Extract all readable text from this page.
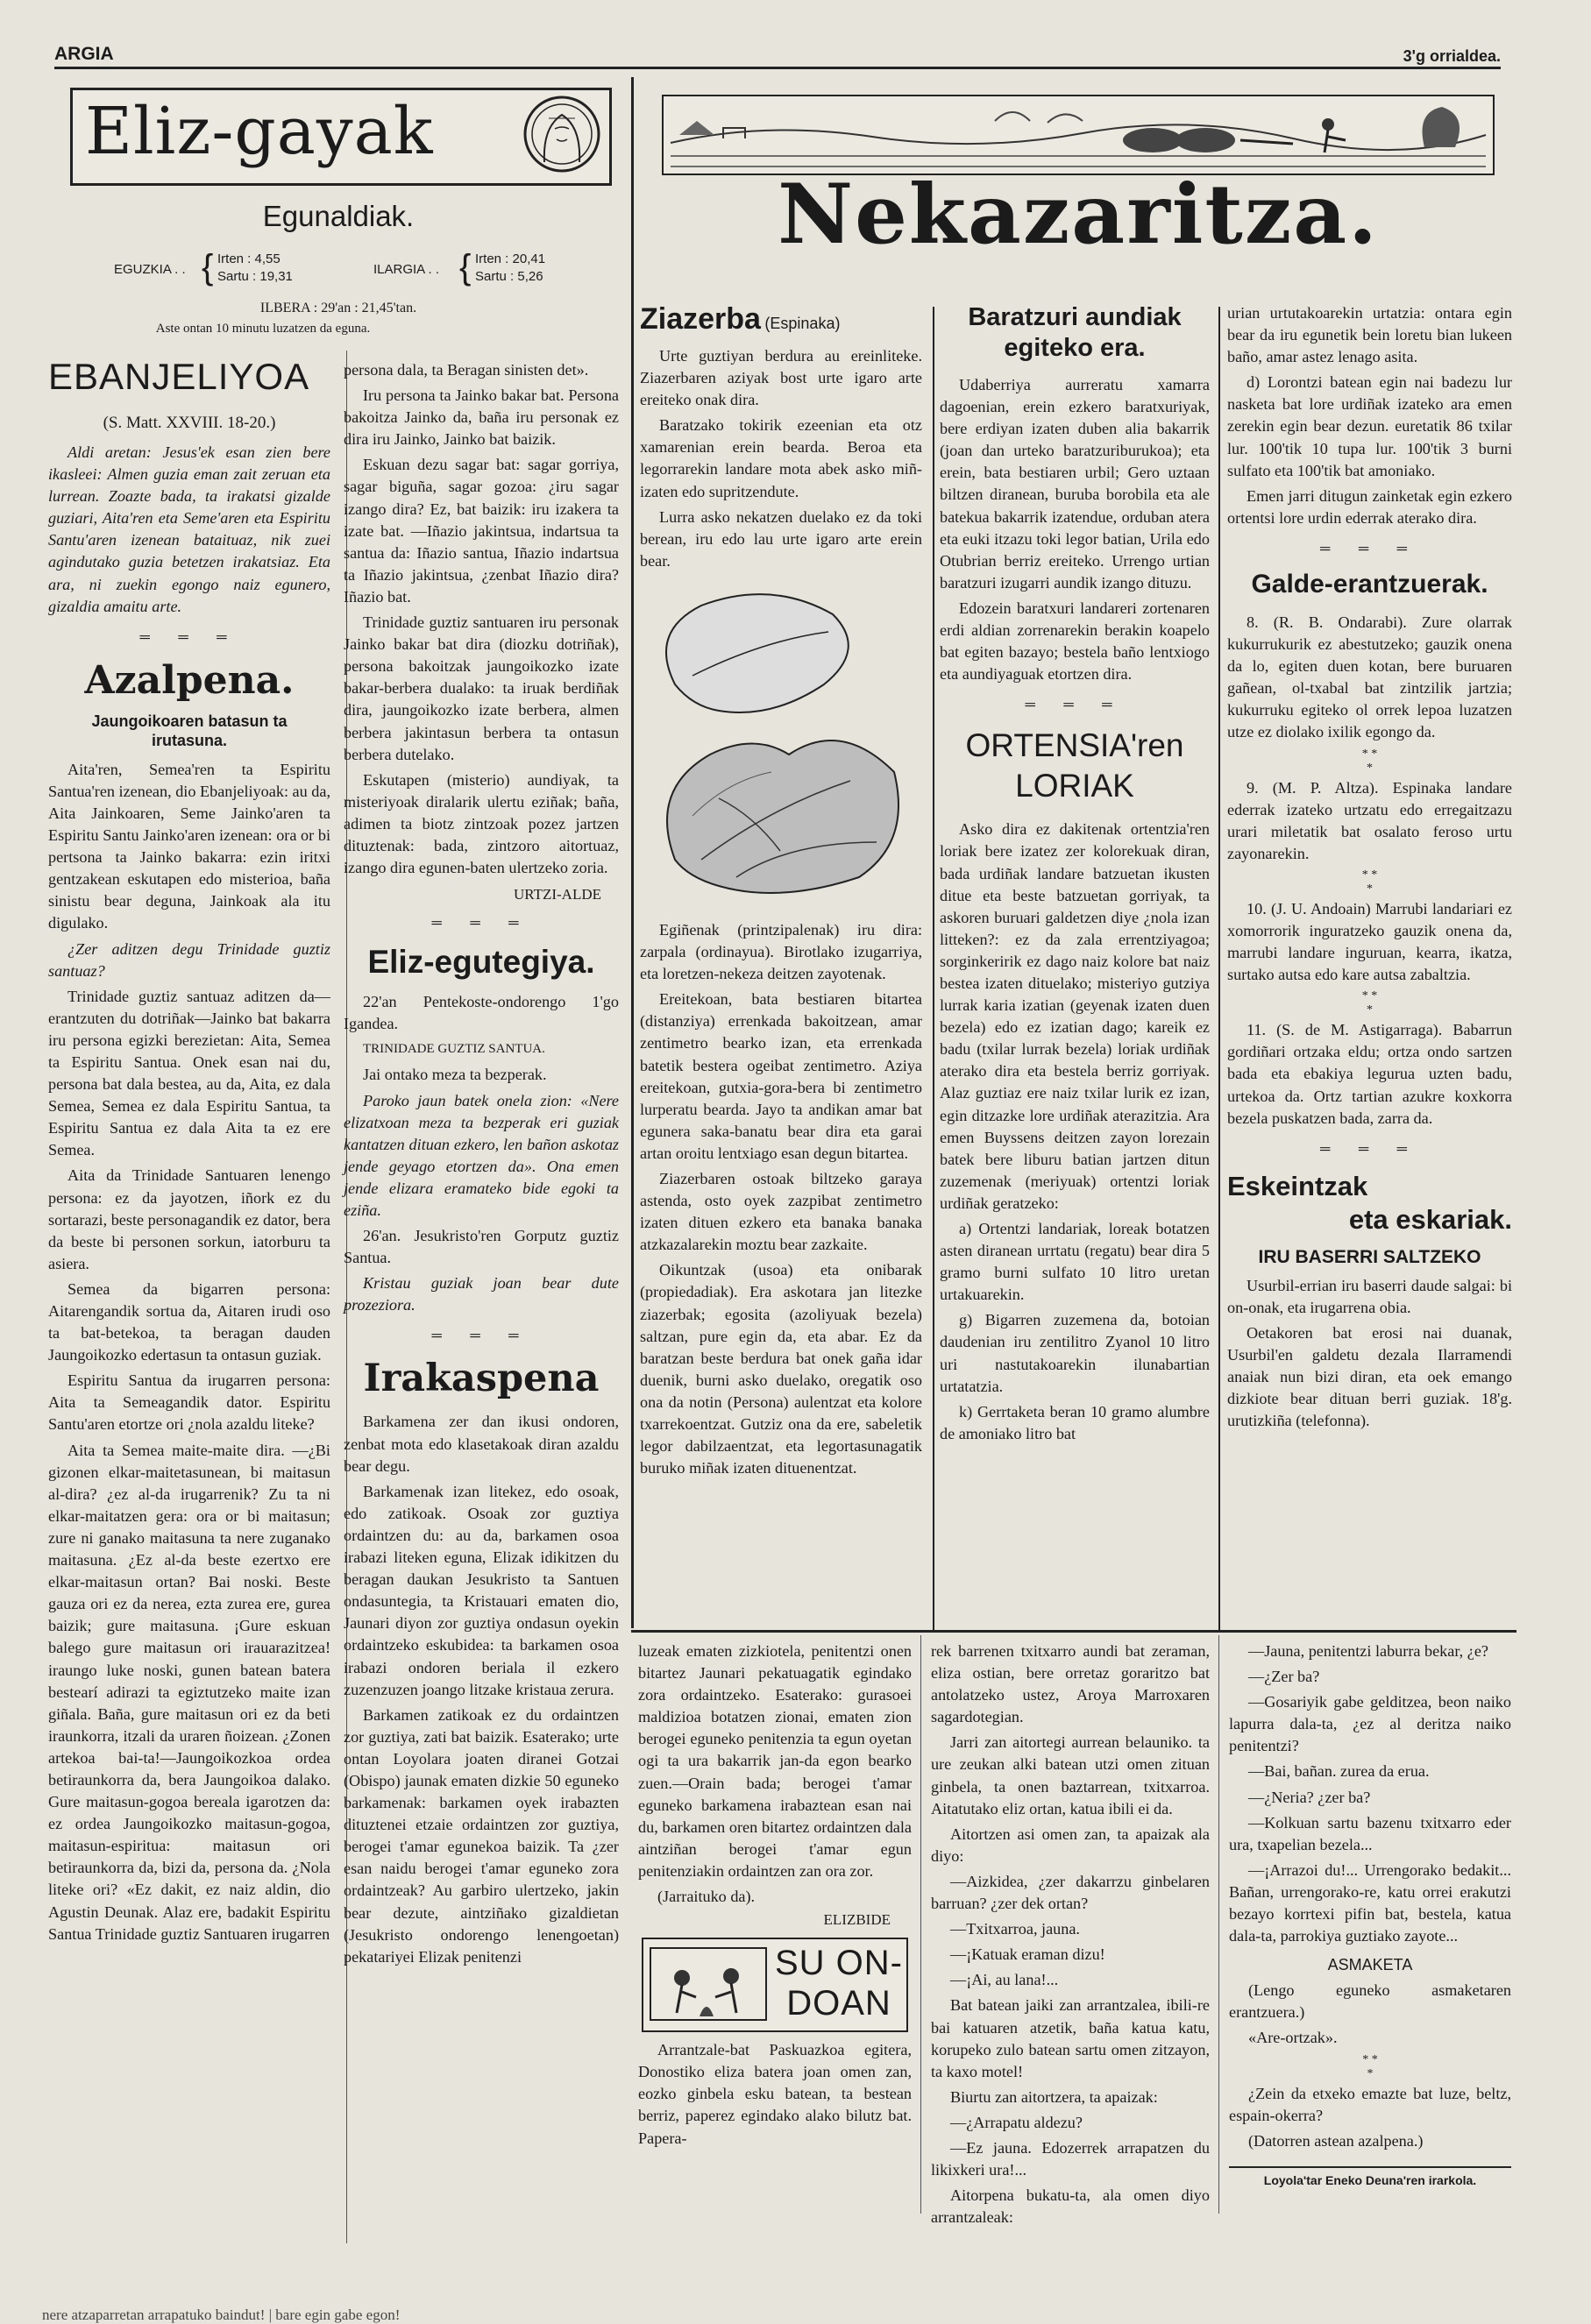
ARGIA	3'g orrialdea.
Eliz-gayak
Egunaldiak.
EGUZKIA . . { Irten : 4,55
Sartu : 19,31	ILARGIA . . { Irten : 20,41
Sartu : 5,26
ILBERA : 29'an : 21,45'tan.
Aste ontan 10 minutu luzatzen da eguna.
EBANJELIYOA
(S. Matt. XXVIII. 18-20.)

Aldi aretan: Jesus'ek esan zien bere ikasleei: Almen guzia eman zait zeruan eta lurrean. Zoazte bada, ta irakatsi gizalde guziari, Aita'ren eta Seme'aren eta Espiritu Santu'aren izenean bataituaz, nik zuei agindutako guzia betetzen irakatsiaz. Eta ara, ni zuekin egongo naiz egunero, gizaldia amaitu arte.

═ ═ ═
Azalpena.
Jaungoikoaren batasun ta irutasuna.

Aita'ren, Semea'ren ta Espiritu Santua'ren izenean, dio Ebanjeliyoak: au da, Aita Jainkoaren, Seme Jainko'aren ta Espiritu Santu Jainko'aren izenean: ora or bi pertsona ta Jainko bakarra: ezin iritxi gentzakean eskutapen edo misterioa, baña sinistu bear deguna, Jainkoak ala itu digulako.

¿Zer aditzen degu Trinidade guztiz santuaz?

Trinidade guztiz santuaz aditzen da—erantzuten du dotriñak—Jainko bat bakarra iru persona egizki berezietan: Aita, Semea ta Espiritu Santua. Onek esan nai du, persona bat dala bestea, au da, Aita, ez dala Semea, Semea ez dala Espiritu Santua, ta Espiritu Santua ez dala Aita ta ez ere Semea.

Aita da Trinidade Santuaren lenengo persona: ez da jayotzen, iñork ez du sortarazi, beste personagandik ez dator, bera da beste bi personen sorkun, iatorburu ta asiera.

Semea da bigarren persona: Aitarengandik sortua da, Aitaren irudi oso ta bat-betekoa, ta beragan dauden Jaungoikozko edertasun ta ontasun guziak.

Espiritu Santua da irugarren persona: Aita ta Semeagandik dator. Espiritu Santu'aren etortze ori ¿nola azaldu liteke?

Aita ta Semea maite-maite dira. —¿Bi gizonen elkar-maitetasunean, bi maitasun al-dira? ¿ez al-da irugarrenik? Zu ta ni elkar-maitatzen gera: ora or bi maitasun; zure ni ganako maitasuna ta nere zuganako maitasuna. ¿Ez al-da beste ezertxo ere elkar-maitasun ortan? Bai noski. Beste gauza ori ez da nerea, ezta zurea ere, gurea baizik; gure maitasuna. ¡Gure eskuan balego gure maitasun ori irauarazitzea! iraungo luke noski, gunen batean batera bestearí adirazi ta egiztutzeko maite izan giñala. Baña, gure maitasun ori ez da beti iraunkorra, itzali da uraren ñoizean. ¿Zonen artekoa bai-ta!—Jaungoikozkoa ordea betiraunkorra da, bera Jaungoikoa dalako. Gure maitasun-gogoa bereala igarotzen da: ez ordea Jaungoikozko maitasun-gogoa, maitasun-espiritua: maitasun ori betiraunkorra da, bizi da, persona da. ¿Nola liteke ori? «Ez dakit, ez naiz aldin, dio Agustin Deunak. Alaz ere, badakit Espiritu Santua Trinidade guztiz Santuaren irugarren

persona dala, ta Beragan sinisten det».

Iru persona ta Jainko bakar bat. Persona bakoitza Jainko da, baña iru personak ez dira iru Jainko, Jainko bat baizik.

Eskuan dezu sagar bat: sagar gorriya, sagar biguña, sagar gozoa: ¿iru sagar izango dira? Ez, bat baizik: iru izakera ta izate bat. —Iñazio jakintsua, indartsua ta santua da: Iñazio santua, Iñazio indartsua ta Iñazio jakintsua, ¿zenbat Iñazio dira? Iñazio bat.

Trinidade guztiz santuaren iru personak Jainko bakar bat dira (diozku dotriñak), persona bakoitzak jaungoikozko izate bakar-berbera dualako: ta iruak berdiñak dira, jaungoikozko izate berbera, almen berbera jakintasun berbera ta ontasun berbera dutelako.

Eskutapen (misterio) aundiyak, ta misteriyoak diralarik ulertu eziñak; baña, adimen ta biotz zintzoak pozez jartzen dituztenak: bada, zintzoro aitortuaz, izango dira egunen-baten ulertzeko zoria.

URTZI-ALDE
═ ═ ═
Eliz-egutegiya.

22'an Pentekoste-ondorengo 1'go Igandea.

TRINIDADE GUZTIZ SANTUA.

Jai ontako meza ta bezperak.

Paroko jaun batek onela zion: «Nere elizatxoan meza ta bezperak eri guziak kantatzen dituan ezkero, len bañon askotaz jende geyago etortzen da». Ona emen jende elizara eramateko bide egoki ta eziña.

26'an. Jesukristo'ren Gorputz guztiz Santua.

Kristau guziak joan bear dute prozeziora.

═ ═ ═
Irakaspena

Barkamena zer dan ikusi ondoren, zenbat mota edo klasetakoak diran azaldu bear degu.

Barkamenak izan litekez, edo osoak, edo zatikoak. Osoak zor guztiya ordaintzen du: au da, barkamen osoa irabazi liteken eguna, Elizak idikitzen du beragan daukan Jesukristo ta Santuen ondasuntegia, ta Kristauari ematen dio, Jaunari diyon zor guztiya ondasun oyekin ordaintzeko eskubidea: ta barkamen osoa irabazi ondoren beriala il ezkero zuzenzuzen joango litzake kristaua zerura.

Barkamen zatikoak ez du ordaintzen zor guztiya, zati bat baizik. Esaterako; urte ontan Loyolara joaten diranei Gotzai (Obispo) jaunak ematen dizkie 50 eguneko barkamenak: barkamen oyek irabazten dituztenei etzaie ordaintzen zor guztiya, berogei t'amar egunekoa baizik. Ta ¿zer esan naidu berogei t'amar eguneko zora ordaintzeak? Au garbiro ulertzeko, jakin bear dezute, aintziñako gizaldietan (Jesukristo ondorengo lenengoetan) pekatariyei Elizak penitenzi

Nekazaritza.
Ziazerba (Espinaka)

Urte guztiyan berdura au ereinliteke. Ziazerbaren aziyak bost urte igaro arte ereiteko onak dira.

Baratzako tokirik ezeenian eta otz xamarenian erein bearda. Beroa eta legorrarekin landare mota abek asko miñ-izaten edo supritzendute.

Lurra asko nekatzen duelako ez da toki berean, iru edo lau urte igaro arte erein bear.

Egiñenak (printzipalenak) iru dira: zarpala (ordinayua). Birotlako izugarriya, eta loretzen-nekeza deitzen zayotenak.

Ereitekoan, bata bestiaren bitartea (distanziya) errenkada bakoitzean, amar zentimetro bearko izan, eta errenkada batetik bestera ogeibat zentimetro. Aziya ereitekoan, gutxia-gora-bera bi zentimetro lurperatu bearda. Jayo ta andikan amar bat egunera saka-banatu bear dira eta garai artan oroitu lentxiago esan degun bitartea.

Ziazerbaren ostoak biltzeko garaya astenda, osto oyek zazpibat zentimetro izaten dituen ezkero eta banaka banaka atzkazalarekin moztu bear zazkaite.

Oikuntzak (usoa) eta onibarak (propiedadiak). Era askotara jan litezke ziazerbak; egosita (azoliyuak bezela) saltzan, pure egin da, eta abar. Ez da baratzan beste berdura bat onek gaña idar duenik, burni asko duelako, oregatik oso ona da notin (Persona) aulentzat eta kolore txarrekoentzat. Gutziz ona da ere, sabeletik legor dabilzaentzat, eta legortasunagatik buruko miñak izaten dituenentzat.

Baratzuri aundiak egiteko era.

Udaberriya aurreratu xamarra dagoenian, erein ezkero baratxuriyak, bere erdiyan izaten duben alia bakarrik (joan dan urteko baratzuriburukoa); eta erein, bata bestiaren urbil; Gero uztaan biltzen diranean, buruba borobila eta ale batekua bakarrik izatendue, orduban atera eta euki itzazu toki legor batian, Urila edo Otubrian berriz ereiteko. Urrengo urtian baratzuri izugarri aundik izango dituzu.

Edozein baratxuri landareri zortenaren erdi aldian zorrenarekin berakin koapelo bat egiten bazayo; bestela baño lentxiogo eta aundiyaguak etortzen dira.

═ ═ ═
ORTENSIA'ren
LORIAK

Asko dira ez dakitenak ortentzia'ren loriak bere izatez zer kolorekuak diran, bada urdiñak landare batzuetan ikusten ditue eta beste batzuetan gorriyak, ta askoren buruari galdetzen diye ¿nola izan litteken?: ez da zala errentziyagoa; sorginkeririk ez dago naiz kolore bat naiz bestea izaten dituelako; misteriyo gutziya lurrak karia izatian (geyenak izaten duen bezela) edo ez izatian dago; kareik ez badu (txilar lurrak bezela) loriak urdiñak aterako dira eta bestela berriz gorriyak. Alaz guztiaz ere naiz txilar lurik ez izan, egin ditzazke lore urdiñak aterazitzia. Ara emen Buyssens deitzen zayon lorezain batek bere liburu batian jartzen ditun zuzemenak (meriyuak) ortentzi loriak urdiñak geratzeko:

a) Ortentzi landariak, loreak botatzen asten diranean urrtatu (regatu) bear dira 5 gramo burni sulfato 10 litro uretan urtakuarekin.

g) Bigarren zuzemena da, botoian daudenian iru zentilitro Zyanol 10 litro uri nastutakoarekin ilunabartian urtatatzia.

k) Gerrtaketa beran 10 gramo alumbre de amoniako litro bat

urian urtutakoarekin urtatzia: ontara egin bear da iru egunetik bein loretu bian lukeen baño, amar astez lenago asita.

d) Lorontzi batean egin nai badezu lur nasketa bat lore urdiñak izateko ara emen zerekin egin bear dezun. euretatik 86 txilar lur. 100'tik 10 tupa lur. 100'tik 3 burni sulfato eta 100'tik bat amoniako.

Emen jarri ditugun zainketak egin ezkero ortentsi lore urdin ederrak aterako dira.

═ ═ ═
Galde-erantzuerak.

8. (R. B. Ondarabi). Zure olarrak kukurrukurik ez abestutzeko; gauzik onena da lo, egiten duen kotan, bere buruaren gañean, ol-txabal bat zintzilik jartzia; kukurruku egiteko ol orrek lepoa luzatzen utze ez diolako ixilik egongo da.

* *
*

9. (M. P. Altza). Espinaka landare ederrak izateko urtzatu edo erregaitzazu urari miletatik bat osalato feroso urtu zayonarekin.

* *
*

10. (J. U. Andoain) Marrubi landariari ez xomorrorik inguratzeko gauzik onena da, marrubi landare inguruan, kearra, ikatza, surtako autsa edo kare autsa zabaltzia.

* *
*

11. (S. de M. Astigarraga). Babarrun gordiñari ortzaka eldu; ortza ondo sartzen bada eta ebakiya legurua uzten badu, urtekoa da. Ortz tartian azukre koxkorra bezela puskatzen bada, zarra da.

═ ═ ═
Eskeintzak
eta eskariak.
IRU BASERRI SALTZEKO

Usurbil-errian iru baserri daude salgai: bi on-onak, eta irugarrena obia.

Oetakoren bat erosi nai duanak, Usurbil'en galdetu dezala Ilarramendi anaiak nun bizi diran, eta oek emango dizkiote bear dituan berri guziak. 18'g. urutizkiña (telefonna).

luzeak ematen zizkiotela, penitentzi onen bitartez Jaunari pekatuagatik egindako zora ordaintzeko. Esaterako: gurasoei maldizioa botatzen zionai, ematen zion berogei eguneko penitenzia ta egun oyetan ogi ta ura bakarrik jan-da egon bearko zuen.—Orain bada; berogei t'amar eguneko barkamena irabaztean esan nai du, barkamen oren bitartez ordaintzen dala aintziñan berogei t'amar egun penitenziakin ordaintzen zan ora zor.

(Jarraituko da).

ELIZBIDE
SU ON-
DOAN

Arrantzale-bat Paskuazkoa egitera, Donostiko eliza batera joan omen zan, eozko ginbela esku batean, ta bestean berriz, paperez egindako alako bilutz bat. Papera-

rek barrenen txitxarro aundi bat zeraman, eliza ostian, bere orretaz goraritzo bat antolatzeko ustez, Aroya Marroxaren sagardotegian.

Jarri zan aitortegi aurrean belauniko. ta ure zeukan alki batean utzi omen zituan ginbela, ta onen baztarrean, txitxarroa. Aitatutako eliz ortan, katua ibili ei da.

Aitortzen asi omen zan, ta apaizak ala diyo:

—Aizkidea, ¿zer dakarrzu ginbelaren barruan? ¿zer dek ortan?

—Txitxarroa, jauna.

—¡Katuak eraman dizu!

—¡Ai, au lana!...

Bat batean jaiki zan arrantzalea, ibili-re bai katuaren atzetik, baña katua katu, korupeko zulo batean sartu omen zitzayon, ta kaxo motel!

Biurtu zan aitortzera, ta apaizak:

—¿Arrapatu aldezu?

—Ez jauna. Edozerrek arrapatzen du likixkeri ura!...

Aitorpena bukatu-ta, ala omen diyo arrantzaleak:

—Jauna, penitentzi laburra bekar, ¿e?

—¿Zer ba?

—Gosariyik gabe gelditzea, beon naiko lapurra dala-ta, ¿ez al deritza naiko penitentzi?

—Bai, bañan. zurea da erua.

—¿Neria? ¿zer ba?

—Kolkuan sartu bazenu txitxarro eder ura, txapelian bezela...

—¡Arrazoi du!... Urrengorako bedakit... Bañan, urrengorako-re, katu orrei erakutzi bezayo korrtexi pifin bat, bestela, katua dala-ta, parrokiya guztiako zayote...

ASMAKETA

(Lengo eguneko asmaketaren erantzuera.)

«Are-ortzak».

* *
*

¿Zein da etxeko emazte bat luze, beltz, espain-okerra?

(Datorren astean azalpena.)

Loyola'tar Eneko Deuna'ren irarkola.
nere atzaparretan arrapatuko baindut! | bare egin gabe egon!
